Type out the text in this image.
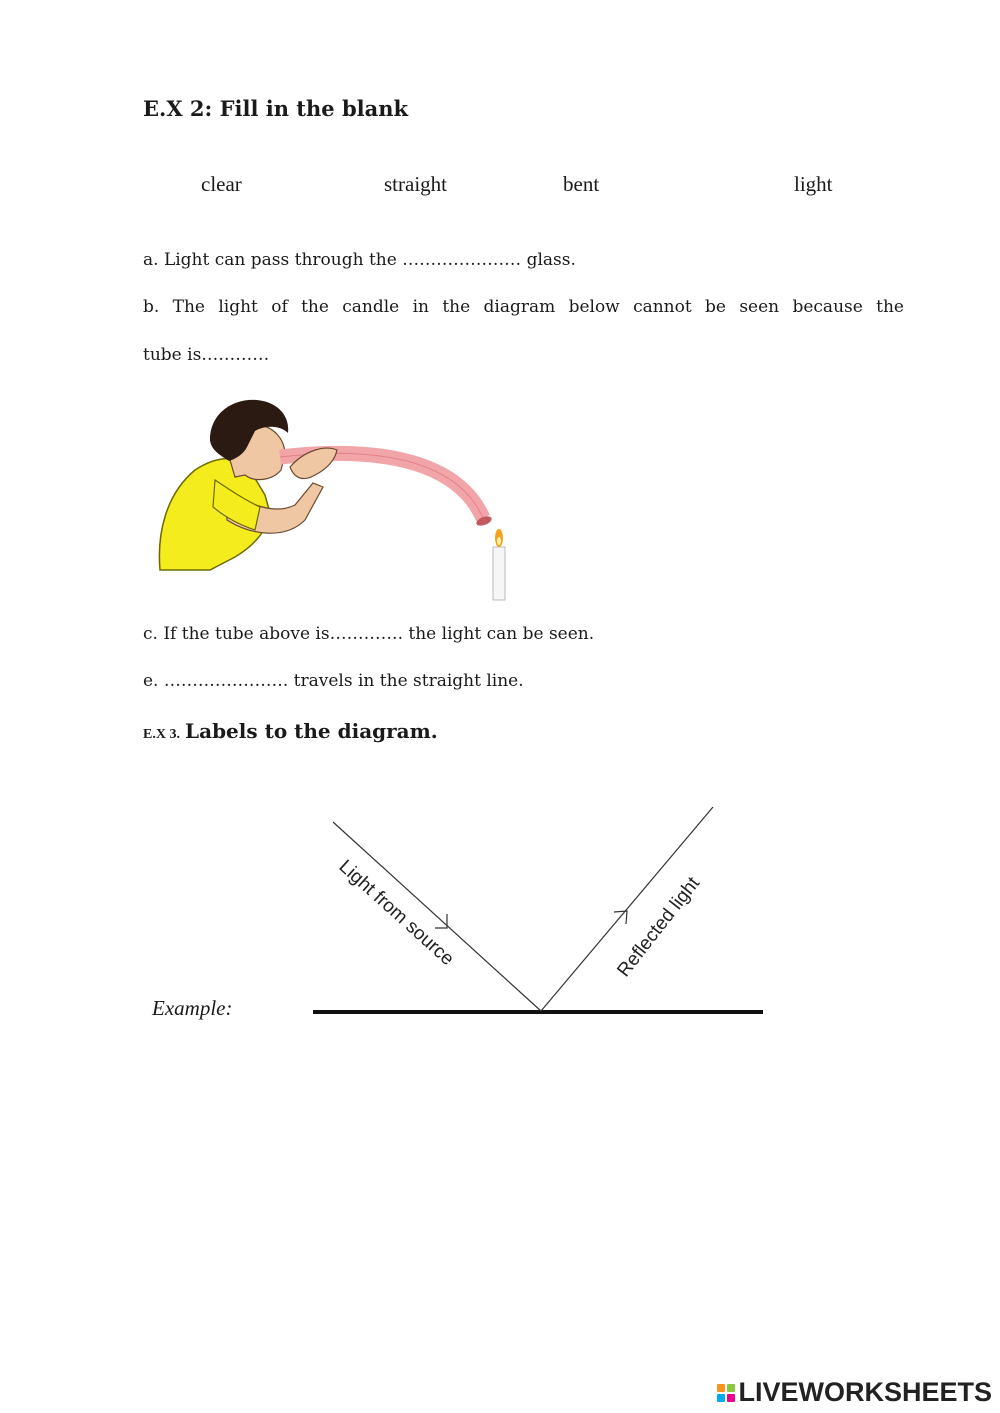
E.X 2: Fill in the blank
clear	straight	bent	light
a. Light can pass through the ………………… glass.
b. The light of the candle in the diagram below cannot be seen because the
tube is…………
c. If the tube above is…………. the light can be seen.
e. …………………. travels in the straight line.
E.X 3. Labels to the diagram.
Example:
Light from source	Reflected light
LIVEWORKSHEETS
